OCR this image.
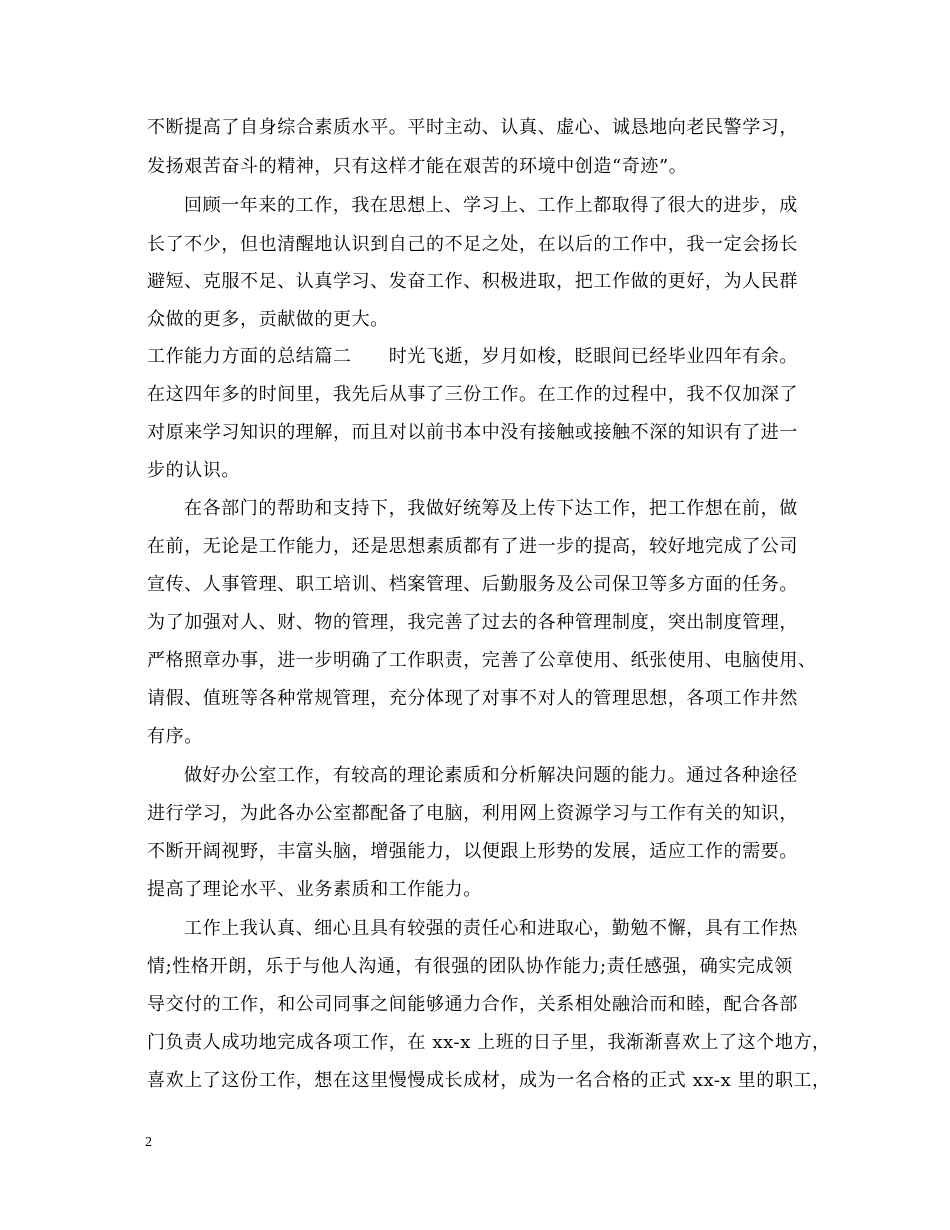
不断提高了自身综合素质水平。平时主动、认真、虚心、诚恳地向老民警学习，
发扬艰苦奋斗的精神，只有这样才能在艰苦的环境中创造“奇迹”。
回顾一年来的工作，我在思想上、学习上、工作上都取得了很大的进步，成
长了不少，但也清醒地认识到自己的不足之处，在以后的工作中，我一定会扬长
避短、克服不足、认真学习、发奋工作、积极进取，把工作做的更好，为人民群
众做的更多，贡献做的更大。
工作能力方面的总结篇二　　时光飞逝，岁月如梭，眨眼间已经毕业四年有余。
在这四年多的时间里，我先后从事了三份工作。在工作的过程中，我不仅加深了
对原来学习知识的理解，而且对以前书本中没有接触或接触不深的知识有了进一
步的认识。
在各部门的帮助和支持下，我做好统筹及上传下达工作，把工作想在前，做
在前，无论是工作能力，还是思想素质都有了进一步的提高，较好地完成了公司
宣传、人事管理、职工培训、档案管理、后勤服务及公司保卫等多方面的任务。
为了加强对人、财、物的管理，我完善了过去的各种管理制度，突出制度管理，
严格照章办事，进一步明确了工作职责，完善了公章使用、纸张使用、电脑使用、
请假、值班等各种常规管理，充分体现了对事不对人的管理思想，各项工作井然
有序。
做好办公室工作，有较高的理论素质和分析解决问题的能力。通过各种途径
进行学习，为此各办公室都配备了电脑，利用网上资源学习与工作有关的知识，
不断开阔视野，丰富头脑，增强能力，以便跟上形势的发展，适应工作的需要。
提高了理论水平、业务素质和工作能力。
工作上我认真、细心且具有较强的责任心和进取心，勤勉不懈，具有工作热
情;性格开朗，乐于与他人沟通，有很强的团队协作能力;责任感强，确实完成领
导交付的工作，和公司同事之间能够通力合作，关系相处融洽而和睦，配合各部
门负责人成功地完成各项工作，在 xx-x 上班的日子里，我渐渐喜欢上了这个地方，
喜欢上了这份工作，想在这里慢慢成长成材，成为一名合格的正式 xx-x 里的职工，
2
